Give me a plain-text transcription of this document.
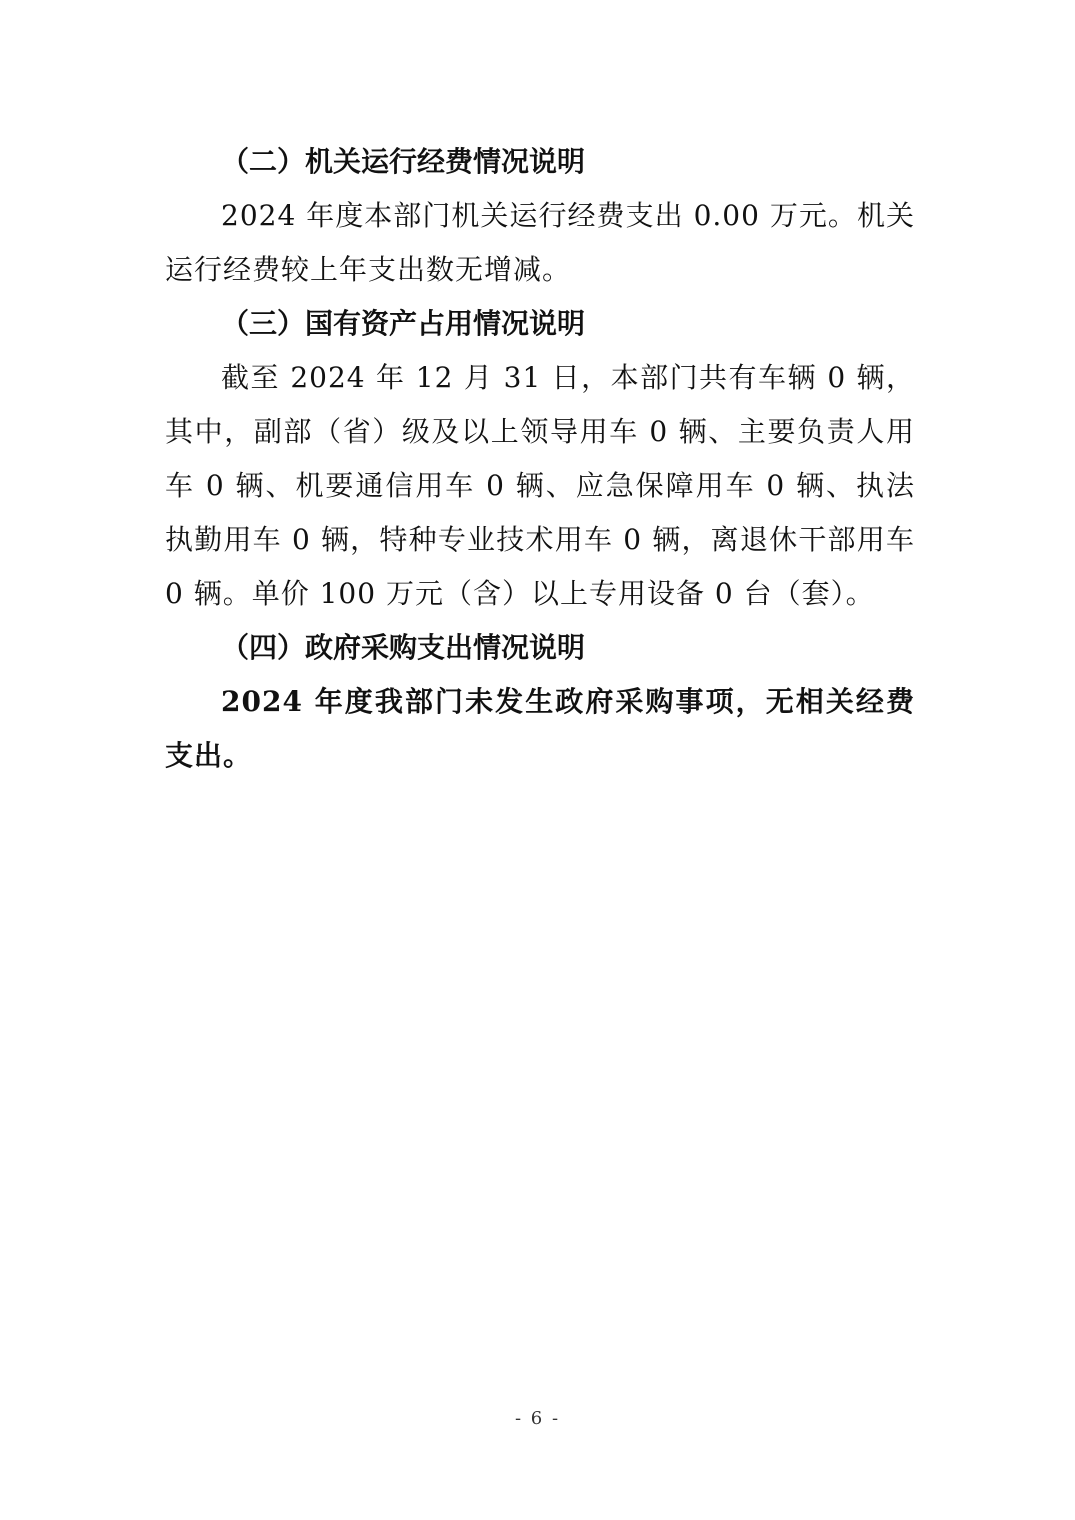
（二）机关运行经费情况说明

2024 年度本部门机关运行经费支出 0.00 万元。机关运行经费较上年支出数无增减。

（三）国有资产占用情况说明

截至 2024 年 12 月 31 日，本部门共有车辆 0 辆，其中，副部（省）级及以上领导用车 0 辆、主要负责人用车 0 辆、机要通信用车 0 辆、应急保障用车 0 辆、执法执勤用车 0 辆，特种专业技术用车 0 辆，离退休干部用车 0 辆。单价 100 万元（含）以上专用设备 0 台（套）。

（四）政府采购支出情况说明

2024 年度我部门未发生政府采购事项，无相关经费支出。

- 6 -
